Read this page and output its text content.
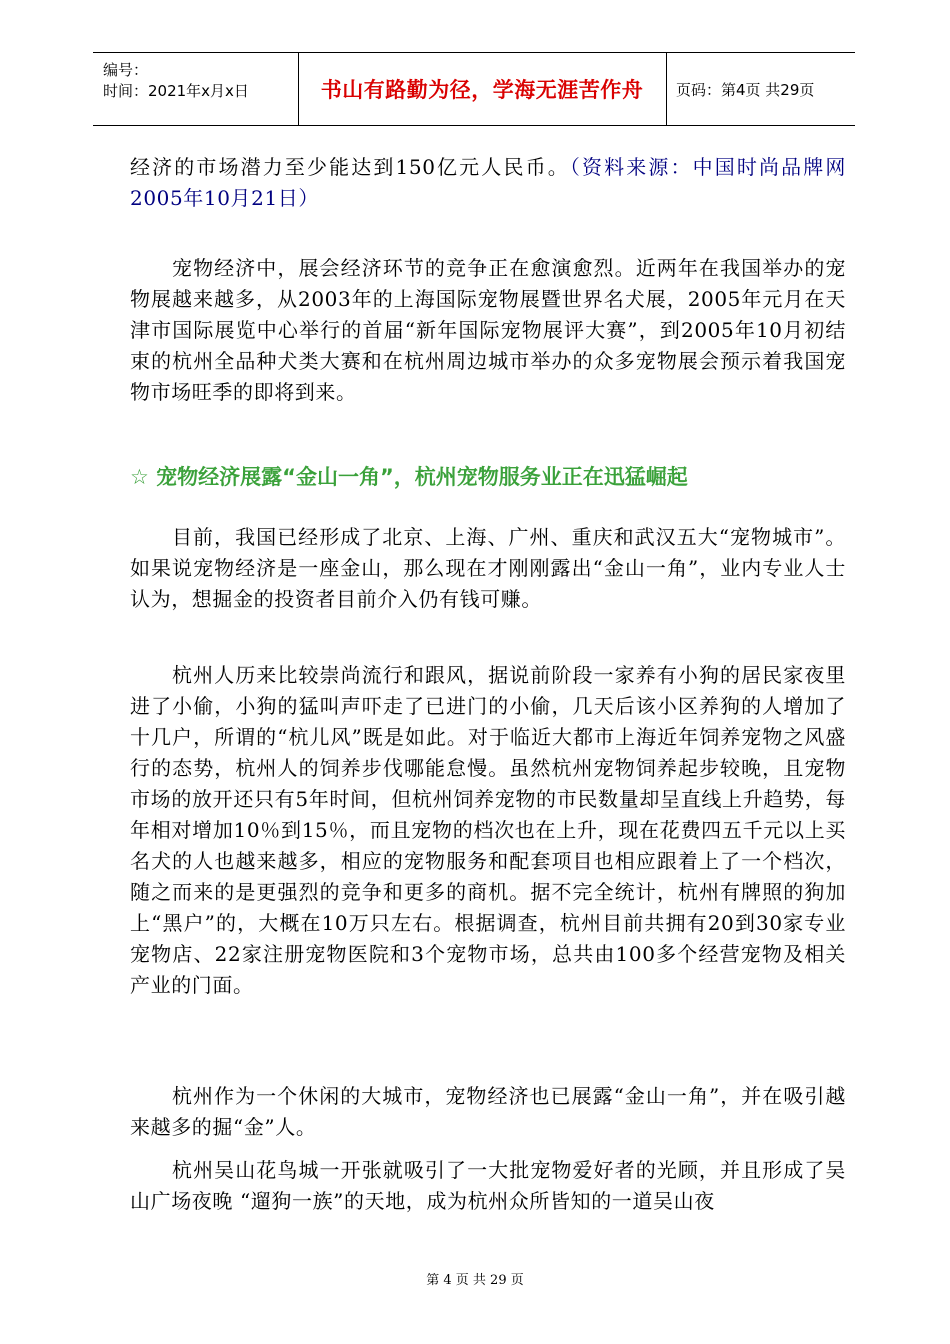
编号：
时间：2021年x月x日	书山有路勤为径，学海无涯苦作舟 页码：第4页 共29页
经济的市场潜力至少能达到150亿元人民币。（资料来源：中国时尚品牌网2005年10月21日）
宠物经济中，展会经济环节的竞争正在愈演愈烈。近两年在我国举办的宠物展越来越多，从2003年的上海国际宠物展暨世界名犬展，2005年元月在天津市国际展览中心举行的首届“新年国际宠物展评大赛”，到2005年10月初结束的杭州全品种犬类大赛和在杭州周边城市举办的众多宠物展会预示着我国宠物市场旺季的即将到来。
☆ 宠物经济展露“金山一角”，杭州宠物服务业正在迅猛崛起
目前，我国已经形成了北京、上海、广州、重庆和武汉五大“宠物城市”。如果说宠物经济是一座金山，那么现在才刚刚露出“金山一角”，业内专业人士认为，想掘金的投资者目前介入仍有钱可赚。
杭州人历来比较崇尚流行和跟风，据说前阶段一家养有小狗的居民家夜里进了小偷，小狗的猛叫声吓走了已进门的小偷，几天后该小区养狗的人增加了十几户，所谓的“杭儿风”既是如此。对于临近大都市上海近年饲养宠物之风盛行的态势，杭州人的饲养步伐哪能怠慢。虽然杭州宠物饲养起步较晚，且宠物市场的放开还只有5年时间，但杭州饲养宠物的市民数量却呈直线上升趋势，每年相对增加10％到15％，而且宠物的档次也在上升，现在花费四五千元以上买名犬的人也越来越多，相应的宠物服务和配套项目也相应跟着上了一个档次，随之而来的是更强烈的竞争和更多的商机。据不完全统计，杭州有牌照的狗加上“黑户”的，大概在10万只左右。根据调查，杭州目前共拥有20到30家专业宠物店、22家注册宠物医院和3个宠物市场，总共由100多个经营宠物及相关产业的门面。
杭州作为一个休闲的大城市，宠物经济也已展露“金山一角”，并在吸引越来越多的掘“金”人。
杭州吴山花鸟城一开张就吸引了一大批宠物爱好者的光顾，并且形成了吴山广场夜晚 “遛狗一族”的天地，成为杭州众所皆知的一道吴山夜
第 4 页 共 29 页
